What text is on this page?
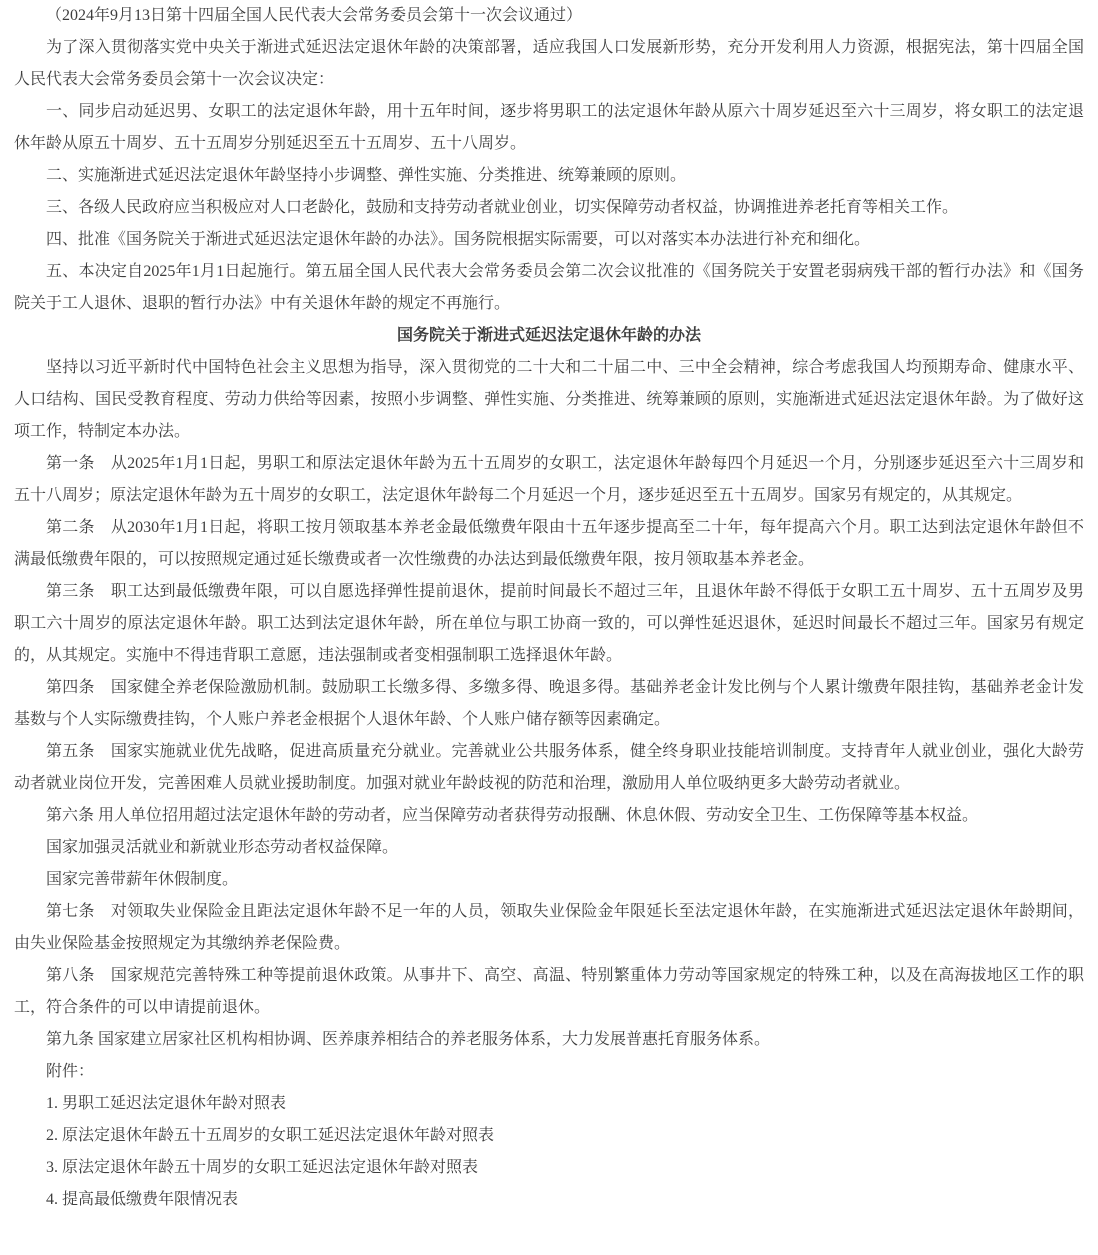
（2024年9月13日第十四届全国人民代表大会常务委员会第十一次会议通过）

为了深入贯彻落实党中央关于渐进式延迟法定退休年龄的决策部署，适应我国人口发展新形势，充分开发利用人力资源，根据宪法，第十四届全国人民代表大会常务委员会第十一次会议决定：

一、同步启动延迟男、女职工的法定退休年龄，用十五年时间，逐步将男职工的法定退休年龄从原六十周岁延迟至六十三周岁，将女职工的法定退休年龄从原五十周岁、五十五周岁分别延迟至五十五周岁、五十八周岁。

二、实施渐进式延迟法定退休年龄坚持小步调整、弹性实施、分类推进、统筹兼顾的原则。

三、各级人民政府应当积极应对人口老龄化，鼓励和支持劳动者就业创业，切实保障劳动者权益，协调推进养老托育等相关工作。

四、批准《国务院关于渐进式延迟法定退休年龄的办法》。国务院根据实际需要，可以对落实本办法进行补充和细化。

五、本决定自2025年1月1日起施行。第五届全国人民代表大会常务委员会第二次会议批准的《国务院关于安置老弱病残干部的暂行办法》和《国务院关于工人退休、退职的暂行办法》中有关退休年龄的规定不再施行。

国务院关于渐进式延迟法定退休年龄的办法

坚持以习近平新时代中国特色社会主义思想为指导，深入贯彻党的二十大和二十届二中、三中全会精神，综合考虑我国人均预期寿命、健康水平、人口结构、国民受教育程度、劳动力供给等因素，按照小步调整、弹性实施、分类推进、统筹兼顾的原则，实施渐进式延迟法定退休年龄。为了做好这项工作，特制定本办法。

第一条　从2025年1月1日起，男职工和原法定退休年龄为五十五周岁的女职工，法定退休年龄每四个月延迟一个月，分别逐步延迟至六十三周岁和五十八周岁；原法定退休年龄为五十周岁的女职工，法定退休年龄每二个月延迟一个月，逐步延迟至五十五周岁。国家另有规定的，从其规定。

第二条　从2030年1月1日起，将职工按月领取基本养老金最低缴费年限由十五年逐步提高至二十年，每年提高六个月。职工达到法定退休年龄但不满最低缴费年限的，可以按照规定通过延长缴费或者一次性缴费的办法达到最低缴费年限，按月领取基本养老金。

第三条　职工达到最低缴费年限，可以自愿选择弹性提前退休，提前时间最长不超过三年，且退休年龄不得低于女职工五十周岁、五十五周岁及男职工六十周岁的原法定退休年龄。职工达到法定退休年龄，所在单位与职工协商一致的，可以弹性延迟退休，延迟时间最长不超过三年。国家另有规定的，从其规定。实施中不得违背职工意愿，违法强制或者变相强制职工选择退休年龄。

第四条　国家健全养老保险激励机制。鼓励职工长缴多得、多缴多得、晚退多得。基础养老金计发比例与个人累计缴费年限挂钩，基础养老金计发基数与个人实际缴费挂钩，个人账户养老金根据个人退休年龄、个人账户储存额等因素确定。

第五条　国家实施就业优先战略，促进高质量充分就业。完善就业公共服务体系，健全终身职业技能培训制度。支持青年人就业创业，强化大龄劳动者就业岗位开发，完善困难人员就业援助制度。加强对就业年龄歧视的防范和治理，激励用人单位吸纳更多大龄劳动者就业。

第六条 用人单位招用超过法定退休年龄的劳动者，应当保障劳动者获得劳动报酬、休息休假、劳动安全卫生、工伤保障等基本权益。

国家加强灵活就业和新就业形态劳动者权益保障。

国家完善带薪年休假制度。

第七条　对领取失业保险金且距法定退休年龄不足一年的人员，领取失业保险金年限延长至法定退休年龄，在实施渐进式延迟法定退休年龄期间，由失业保险基金按照规定为其缴纳养老保险费。

第八条　国家规范完善特殊工种等提前退休政策。从事井下、高空、高温、特别繁重体力劳动等国家规定的特殊工种，以及在高海拔地区工作的职工，符合条件的可以申请提前退休。

第九条 国家建立居家社区机构相协调、医养康养相结合的养老服务体系，大力发展普惠托育服务体系。

附件：

1. 男职工延迟法定退休年龄对照表

2. 原法定退休年龄五十五周岁的女职工延迟法定退休年龄对照表

3. 原法定退休年龄五十周岁的女职工延迟法定退休年龄对照表

4. 提高最低缴费年限情况表
